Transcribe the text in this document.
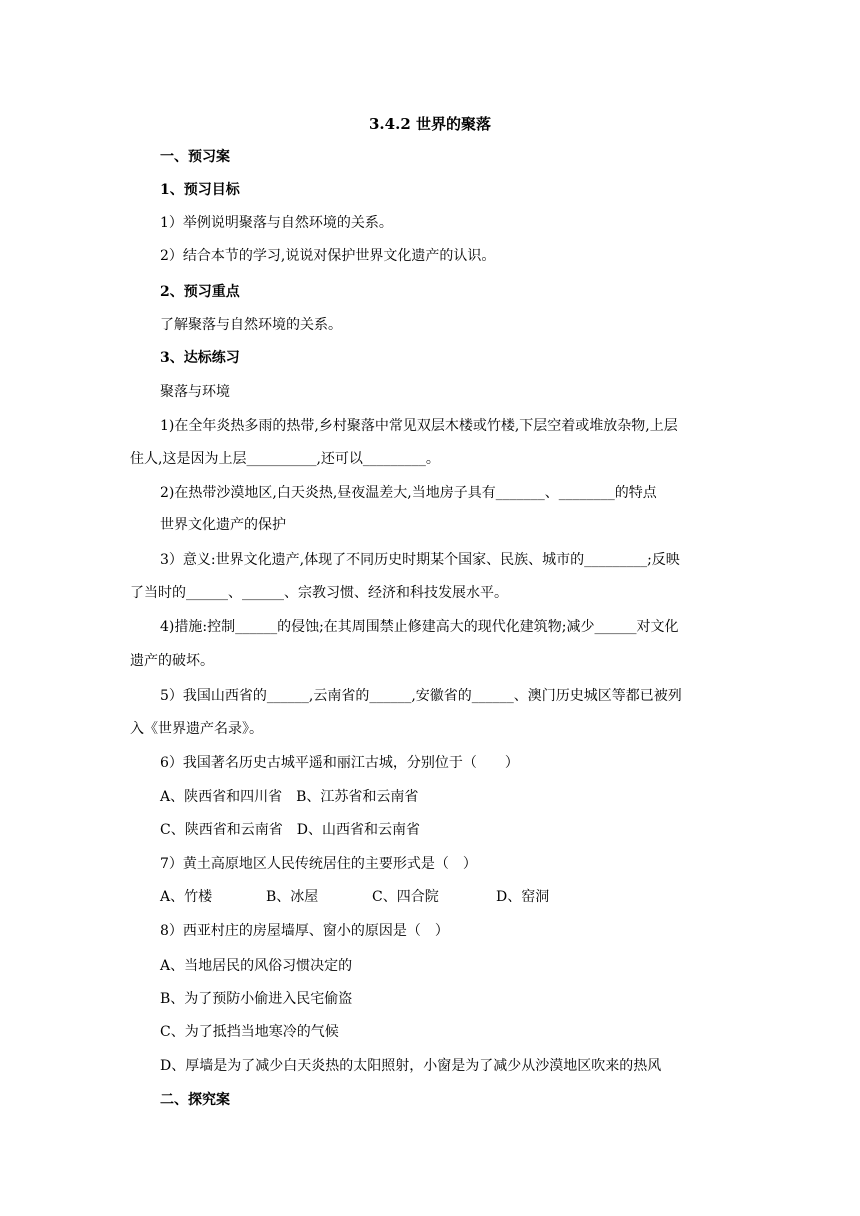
3.4.2 世界的聚落
一、预习案
1、预习目标
1）举例说明聚落与自然环境的关系。
2）结合本节的学习,说说对保护世界文化遗产的认识。
2、预习重点
了解聚落与自然环境的关系。
3、达标练习
聚落与环境
1)在全年炎热多雨的热带,乡村聚落中常见双层木楼或竹楼,下层空着或堆放杂物,上层
住人,这是因为上层__________,还可以_________。
2)在热带沙漠地区,白天炎热,昼夜温差大,当地房子具有_______、________的特点
世界文化遗产的保护
3）意义:世界文化遗产,体现了不同历史时期某个国家、民族、城市的_________;反映
了当时的______、______、宗教习惯、经济和科技发展水平。
4)措施:控制______的侵蚀;在其周围禁止修建高大的现代化建筑物;减少______对文化
遗产的破坏。
5）我国山西省的______,云南省的______,安徽省的______、澳门历史城区等都已被列
入《世界遗产名录》。
6）我国著名历史古城平遥和丽江古城，分别位于（　　）
A、陕西省和四川省 B、江苏省和云南省
C、陕西省和云南省 D、山西省和云南省
7）黄土高原地区人民传统居住的主要形式是（　）
A、竹楼	B、冰屋	C、四合院	D、窑洞
8）西亚村庄的房屋墙厚、窗小的原因是（　）
A、当地居民的风俗习惯决定的
B、为了预防小偷进入民宅偷盗
C、为了抵挡当地寒冷的气候
D、厚墙是为了减少白天炎热的太阳照射，小窗是为了减少从沙漠地区吹来的热风
二、探究案
